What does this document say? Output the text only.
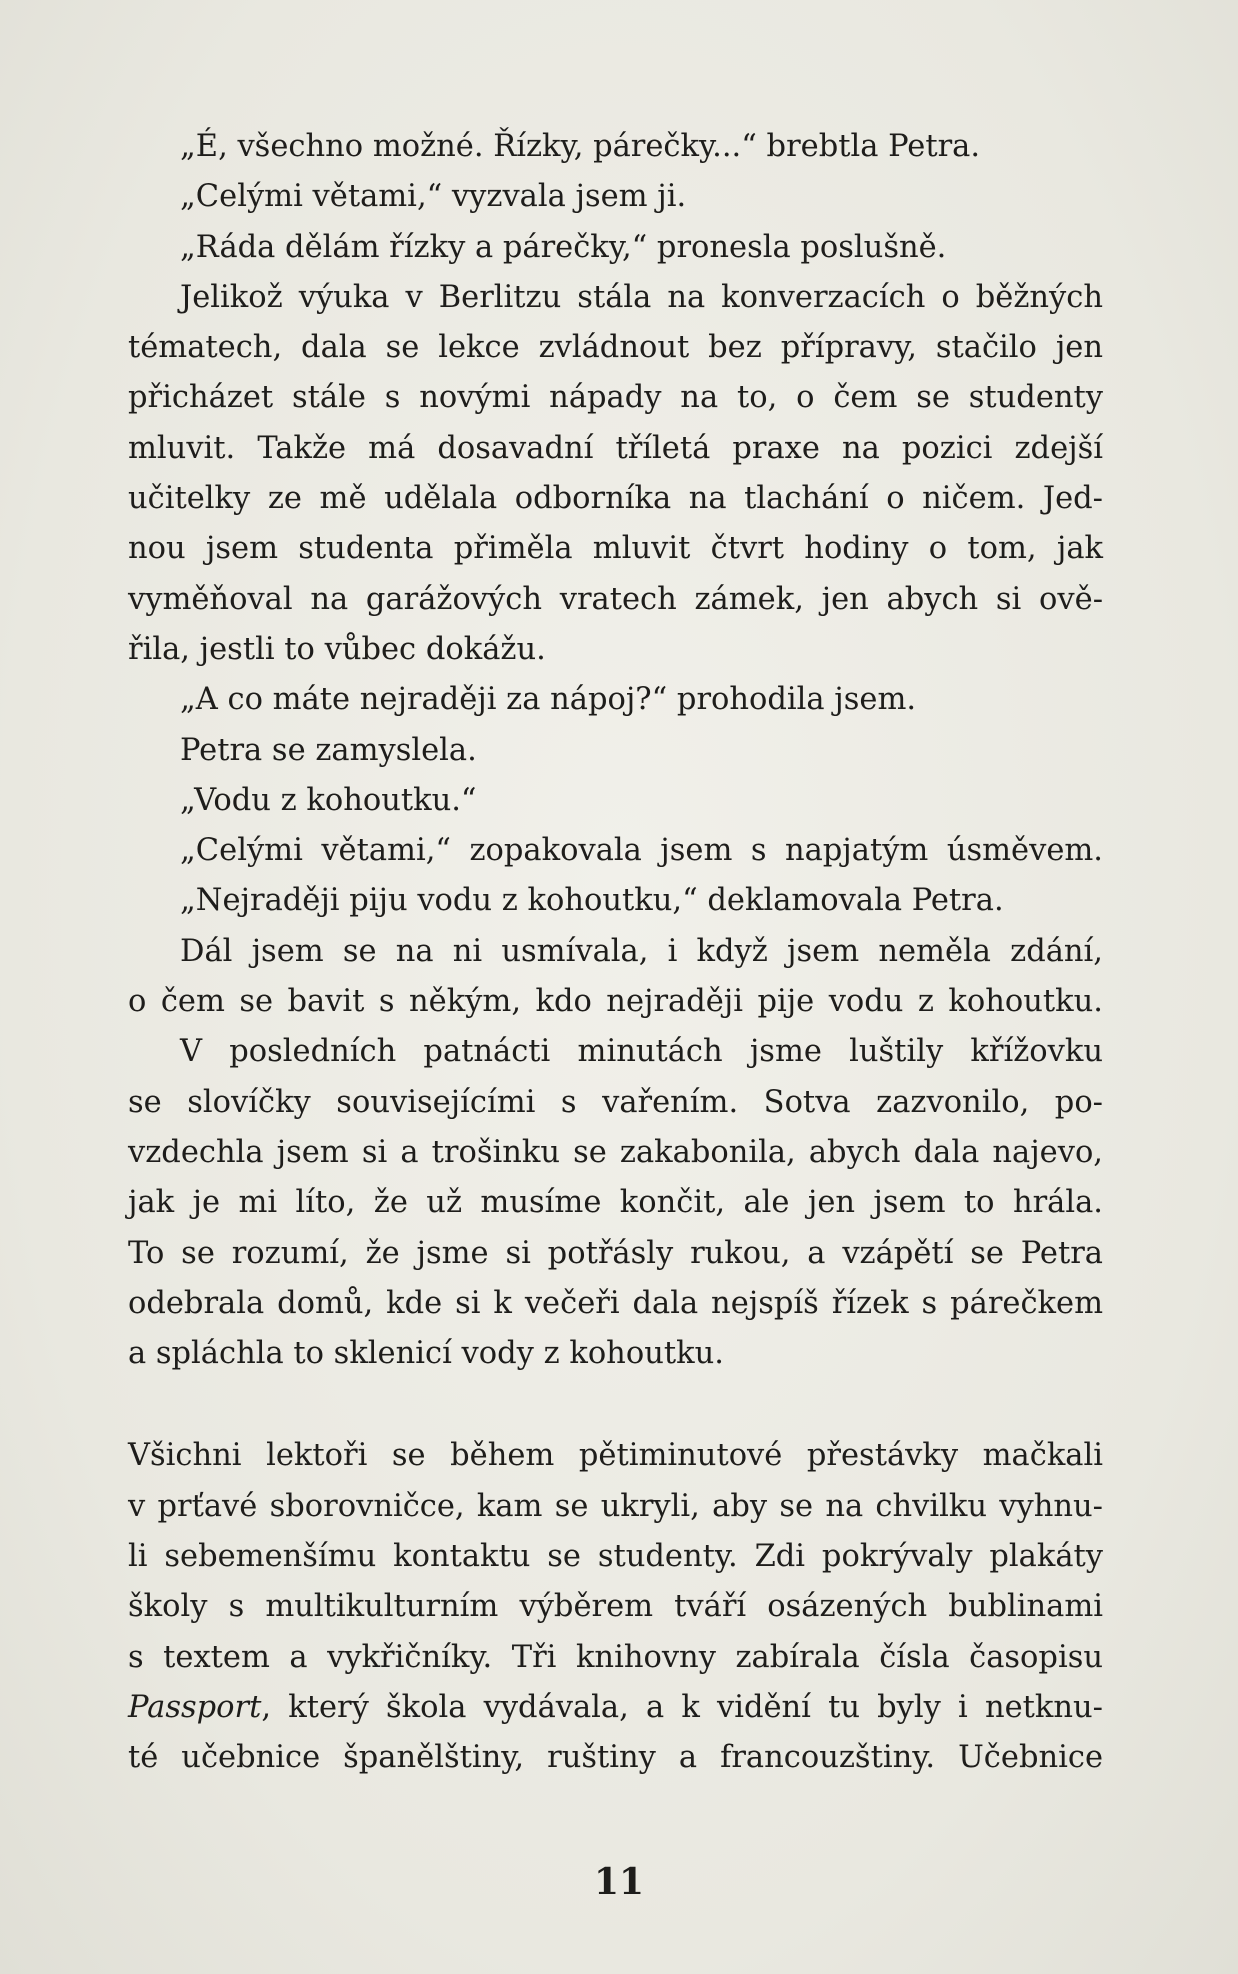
„É, všechno možné. Řízky, párečky...“ brebtla Petra.
„Celými větami,“ vyzvala jsem ji.
„Ráda dělám řízky a párečky,“ pronesla poslušně.
Jelikož výuka v Berlitzu stála na konverzacích o běžných
tématech, dala se lekce zvládnout bez přípravy, stačilo jen
přicházet stále s novými nápady na to, o čem se studenty
mluvit. Takže má dosavadní tříletá praxe na pozici zdejší
učitelky ze mě udělala odborníka na tlachání o ničem. Jed-
nou jsem studenta přiměla mluvit čtvrt hodiny o tom, jak
vyměňoval na garážových vratech zámek, jen abych si ově-
řila, jestli to vůbec dokážu.
„A co máte nejraději za nápoj?“ prohodila jsem.
Petra se zamyslela.
„Vodu z kohoutku.“
„Celými větami,“ zopakovala jsem s napjatým úsměvem.
„Nejraději piju vodu z kohoutku,“ deklamovala Petra.
Dál jsem se na ni usmívala, i když jsem neměla zdání,
o čem se bavit s někým, kdo nejraději pije vodu z kohoutku.
V posledních patnácti minutách jsme luštily křížovku
se slovíčky souvisejícími s vařením. Sotva zazvonilo, po-
vzdechla jsem si a trošinku se zakabonila, abych dala najevo,
jak je mi líto, že už musíme končit, ale jen jsem to hrála.
To se rozumí, že jsme si potřásly rukou, a vzápětí se Petra
odebrala domů, kde si k večeři dala nejspíš řízek s párečkem
a spláchla to sklenicí vody z kohoutku.
Všichni lektoři se během pětiminutové přestávky mačkali
v prťavé sborovničce, kam se ukryli, aby se na chvilku vyhnu-
li sebemenšímu kontaktu se studenty. Zdi pokrývaly plakáty
školy s multikulturním výběrem tváří osázených bublinami
s textem a vykřičníky. Tři knihovny zabírala čísla časopisu
Passport, který škola vydávala, a k vidění tu byly i netknu-
té učebnice španělštiny, ruštiny a francouzštiny. Učebnice
11
